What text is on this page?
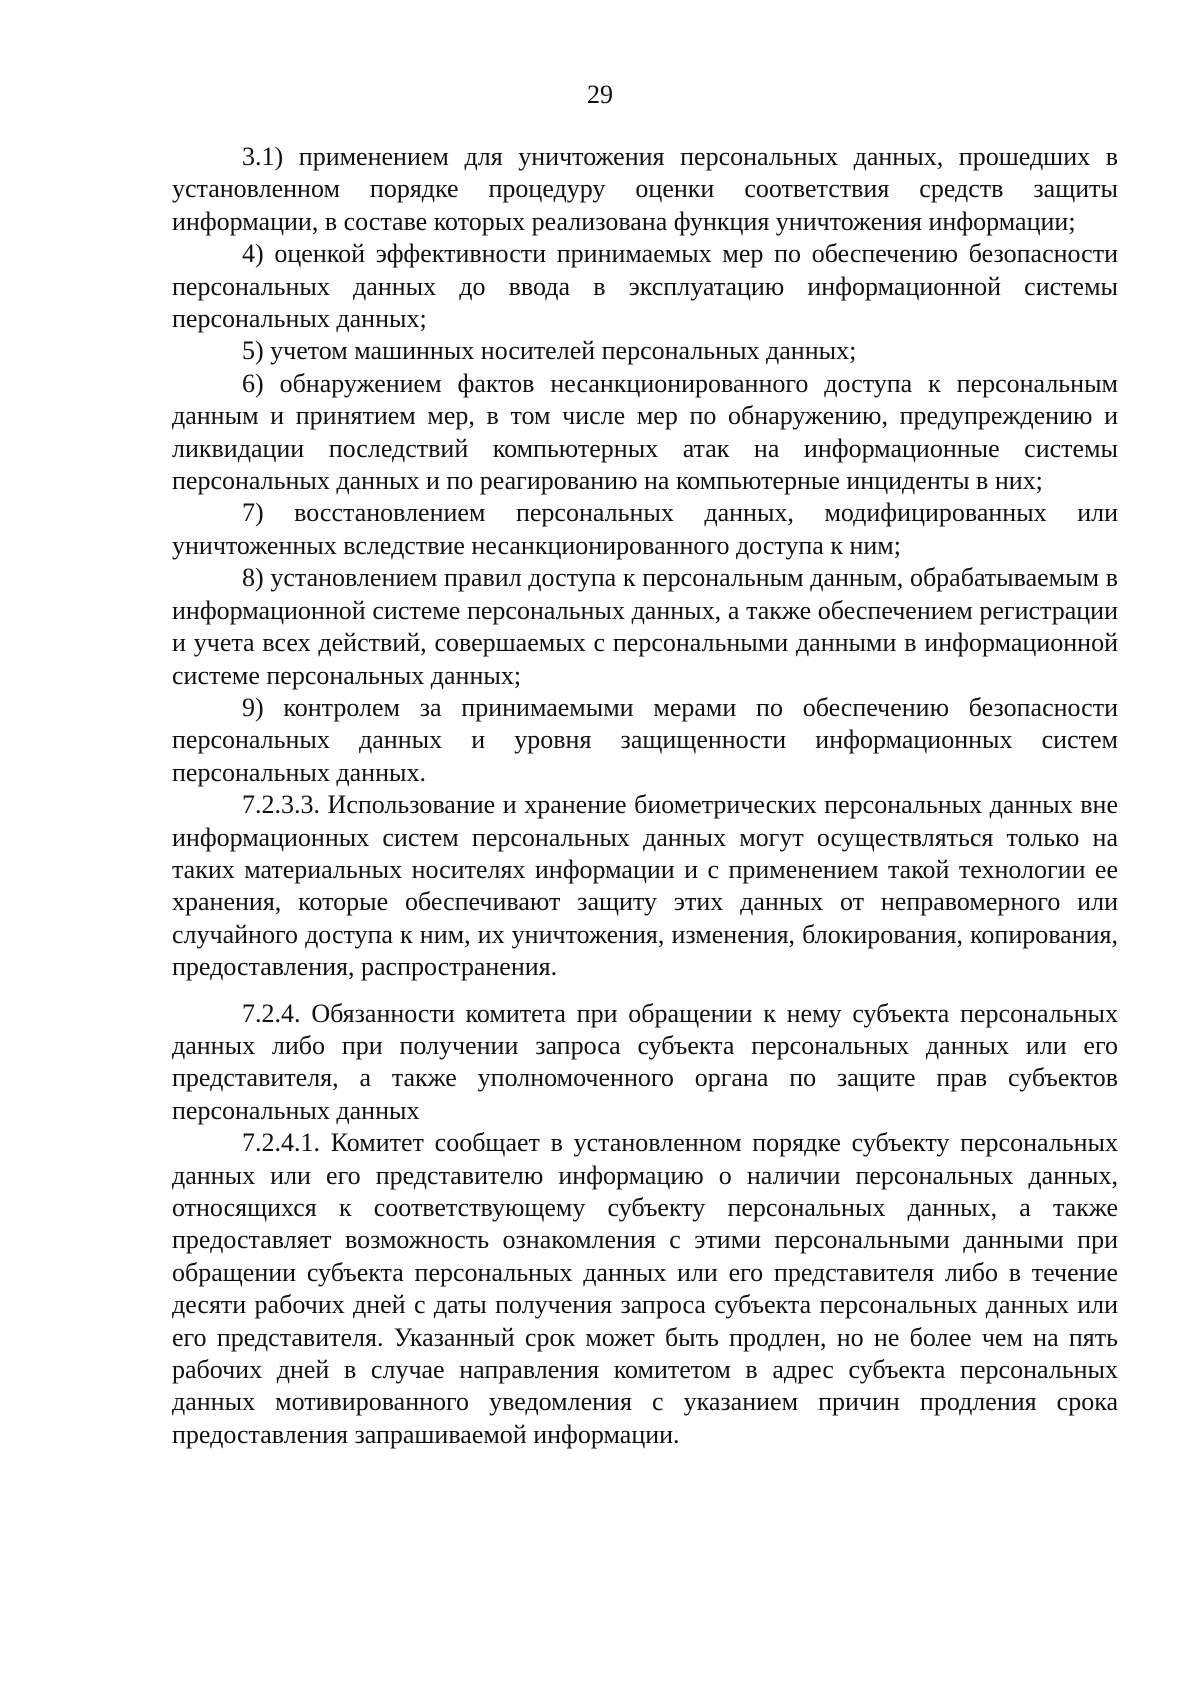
29

3.1) применением для уничтожения персональных данных, прошедших в установленном порядке процедуру оценки соответствия средств защиты информации, в составе которых реализована функция уничтожения информации;

4) оценкой эффективности принимаемых мер по обеспечению безопасности персональных данных до ввода в эксплуатацию информационной системы персональных данных;

5) учетом машинных носителей персональных данных;

6) обнаружением фактов несанкционированного доступа к персональным данным и принятием мер, в том числе мер по обнаружению, предупреждению и ликвидации последствий компьютерных атак на информационные системы персональных данных и по реагированию на компьютерные инциденты в них;

7) восстановлением персональных данных, модифицированных или уничтоженных вследствие несанкционированного доступа к ним;

8) установлением правил доступа к персональным данным, обрабатываемым в информационной системе персональных данных, а также обеспечением регистрации и учета всех действий, совершаемых с персональными данными в информационной системе персональных данных;

9) контролем за принимаемыми мерами по обеспечению безопасности персональных данных и уровня защищенности информационных систем персональных данных.

7.2.3.3. Использование и хранение биометрических персональных данных вне информационных систем персональных данных могут осуществляться только на таких материальных носителях информации и с применением такой технологии ее хранения, которые обеспечивают защиту этих данных от неправомерного или случайного доступа к ним, их уничтожения, изменения, блокирования, копирования, предоставления, распространения.

7.2.4. Обязанности комитета при обращении к нему субъекта персональных данных либо при получении запроса субъекта персональных данных или его представителя, а также уполномоченного органа по защите прав субъектов персональных данных

7.2.4.1. Комитет сообщает в установленном порядке субъекту персональных данных или его представителю информацию о наличии персональных данных, относящихся к соответствующему субъекту персональных данных, а также предоставляет возможность ознакомления с этими персональными данными при обращении субъекта персональных данных или его представителя либо в течение десяти рабочих дней с даты получения запроса субъекта персональных данных или его представителя. Указанный срок может быть продлен, но не более чем на пять рабочих дней в случае направления комитетом в адрес субъекта персональных данных мотивированного уведомления с указанием причин продления срока предоставления запрашиваемой информации.
